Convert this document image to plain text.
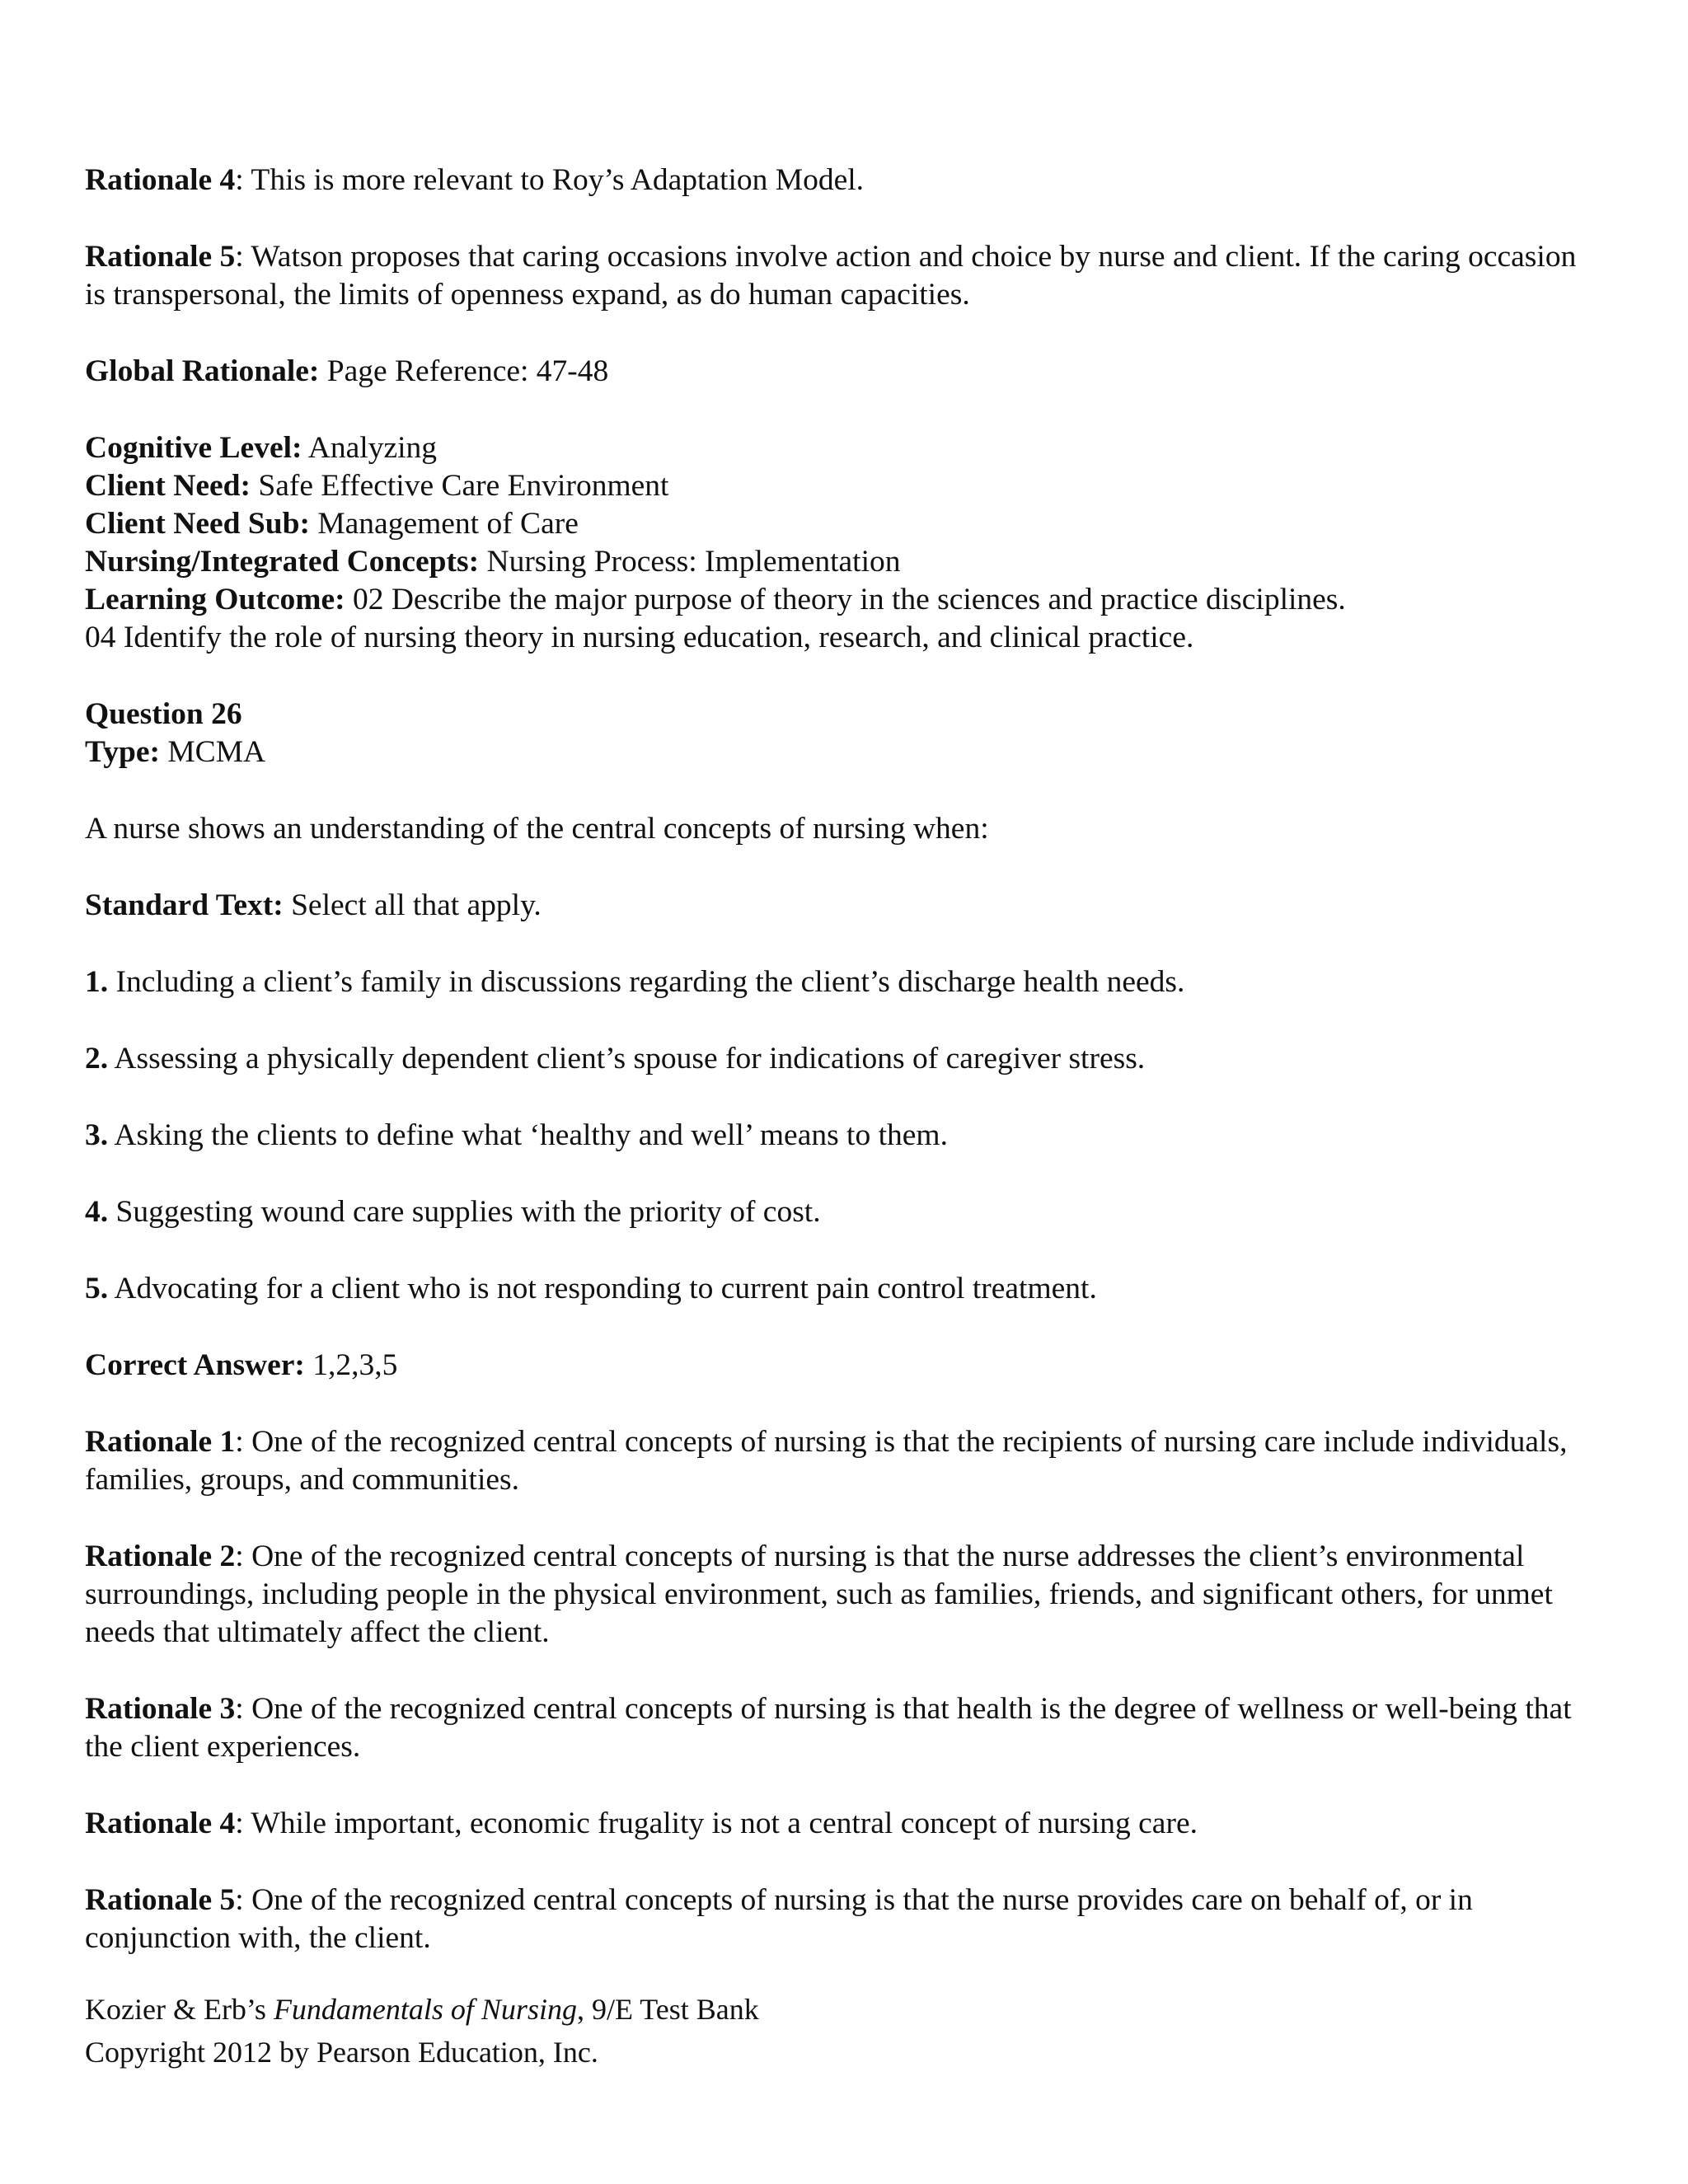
Rationale 4: This is more relevant to Roy’s Adaptation Model.

Rationale 5: Watson proposes that caring occasions involve action and choice by nurse and client. If the caring occasion is transpersonal, the limits of openness expand, as do human capacities.

Global Rationale: Page Reference: 47-48

Cognitive Level: Analyzing

Client Need: Safe Effective Care Environment

Client Need Sub: Management of Care

Nursing/Integrated Concepts: Nursing Process: Implementation

Learning Outcome: 02 Describe the major purpose of theory in the sciences and practice disciplines.

04 Identify the role of nursing theory in nursing education, research, and clinical practice.

Question 26

Type: MCMA

A nurse shows an understanding of the central concepts of nursing when:

Standard Text: Select all that apply.

1. Including a client’s family in discussions regarding the client’s discharge health needs.

2. Assessing a physically dependent client’s spouse for indications of caregiver stress.

3. Asking the clients to define what ‘healthy and well’ means to them.

4. Suggesting wound care supplies with the priority of cost.

5. Advocating for a client who is not responding to current pain control treatment.

Correct Answer: 1,2,3,5

Rationale 1: One of the recognized central concepts of nursing is that the recipients of nursing care include individuals, families, groups, and communities.

Rationale 2: One of the recognized central concepts of nursing is that the nurse addresses the client’s environmental surroundings, including people in the physical environment, such as families, friends, and significant others, for unmet needs that ultimately affect the client.

Rationale 3: One of the recognized central concepts of nursing is that health is the degree of wellness or well-being that the client experiences.

Rationale 4: While important, economic frugality is not a central concept of nursing care.

Rationale 5: One of the recognized central concepts of nursing is that the nurse provides care on behalf of, or in conjunction with, the client.

Kozier & Erb’s Fundamentals of Nursing, 9/E Test Bank
Copyright 2012 by Pearson Education, Inc.
